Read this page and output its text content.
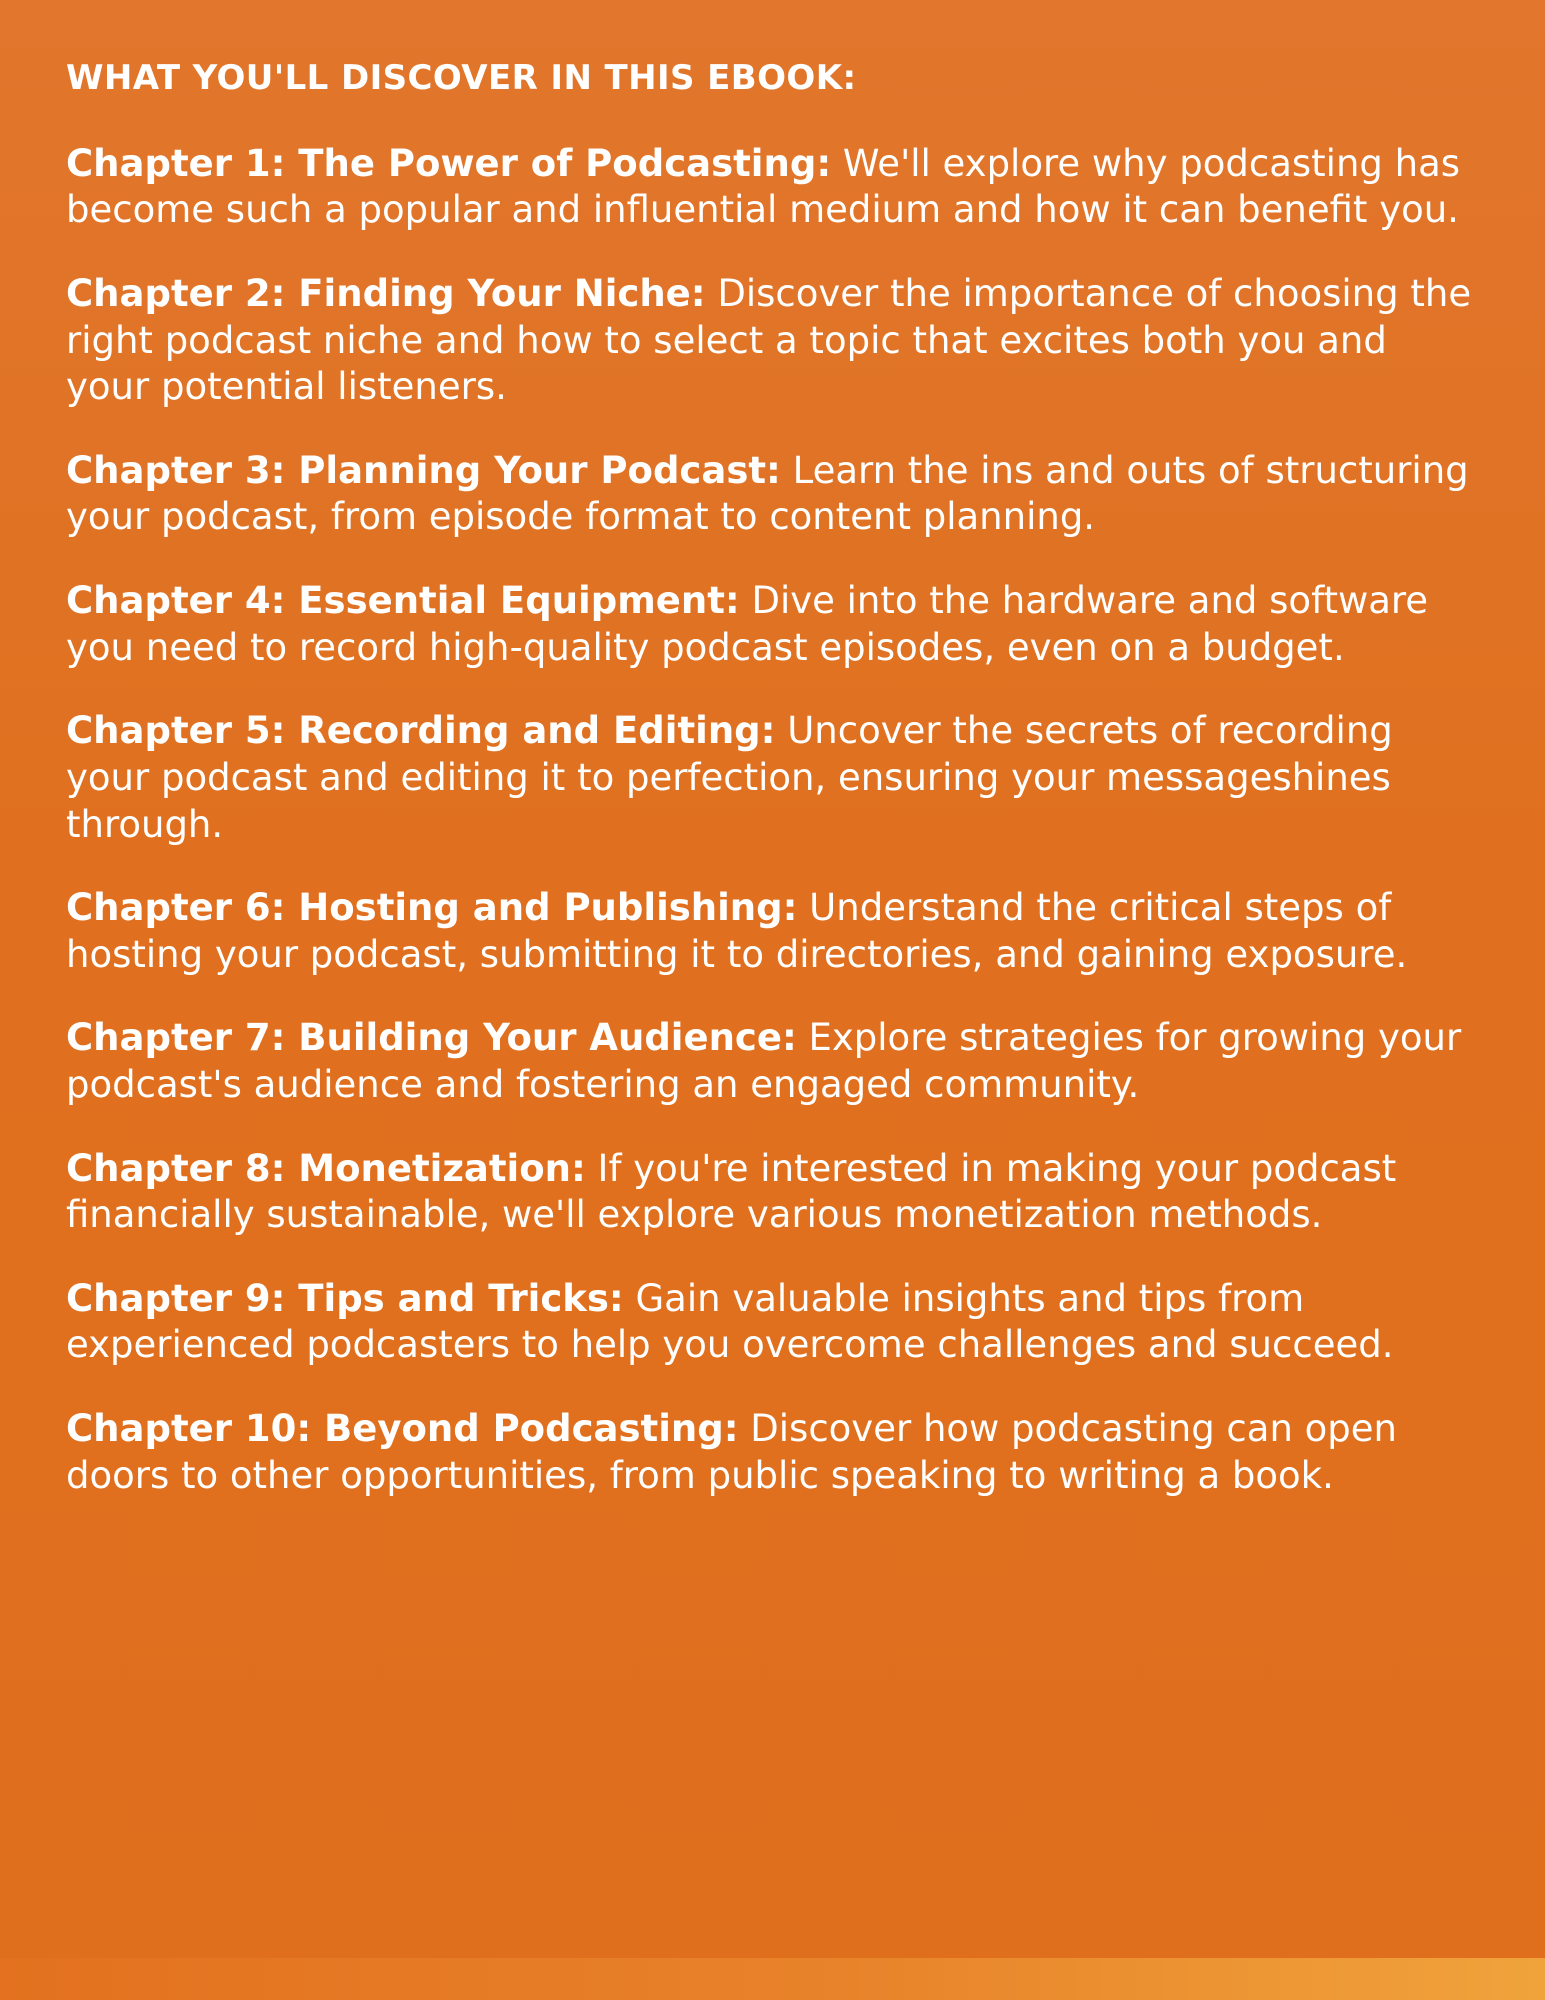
WHAT YOU'LL DISCOVER IN THIS EBOOK:

Chapter 1: The Power of Podcasting: We'll explore why podcasting has become such a popular and influential medium and how it can benefit you.

Chapter 2: Finding Your Niche: Discover the importance of choosing the right podcast niche and how to select a topic that excites both you and your potential listeners.

Chapter 3: Planning Your Podcast: Learn the ins and outs of structuring your podcast, from episode format to content planning.

Chapter 4: Essential Equipment: Dive into the hardware and software you need to record high-quality podcast episodes, even on a budget.

Chapter 5: Recording and Editing: Uncover the secrets of recording your podcast and editing it to perfection, ensuring your messageshines through.

Chapter 6: Hosting and Publishing: Understand the critical steps of hosting your podcast, submitting it to directories, and gaining exposure.

Chapter 7: Building Your Audience: Explore strategies for growing your podcast's audience and fostering an engaged community.

Chapter 8: Monetization: If you're interested in making your podcast financially sustainable, we'll explore various monetization methods.

Chapter 9: Tips and Tricks: Gain valuable insights and tips from experienced podcasters to help you overcome challenges and succeed.

Chapter 10: Beyond Podcasting: Discover how podcasting can open doors to other opportunities, from public speaking to writing a book.
